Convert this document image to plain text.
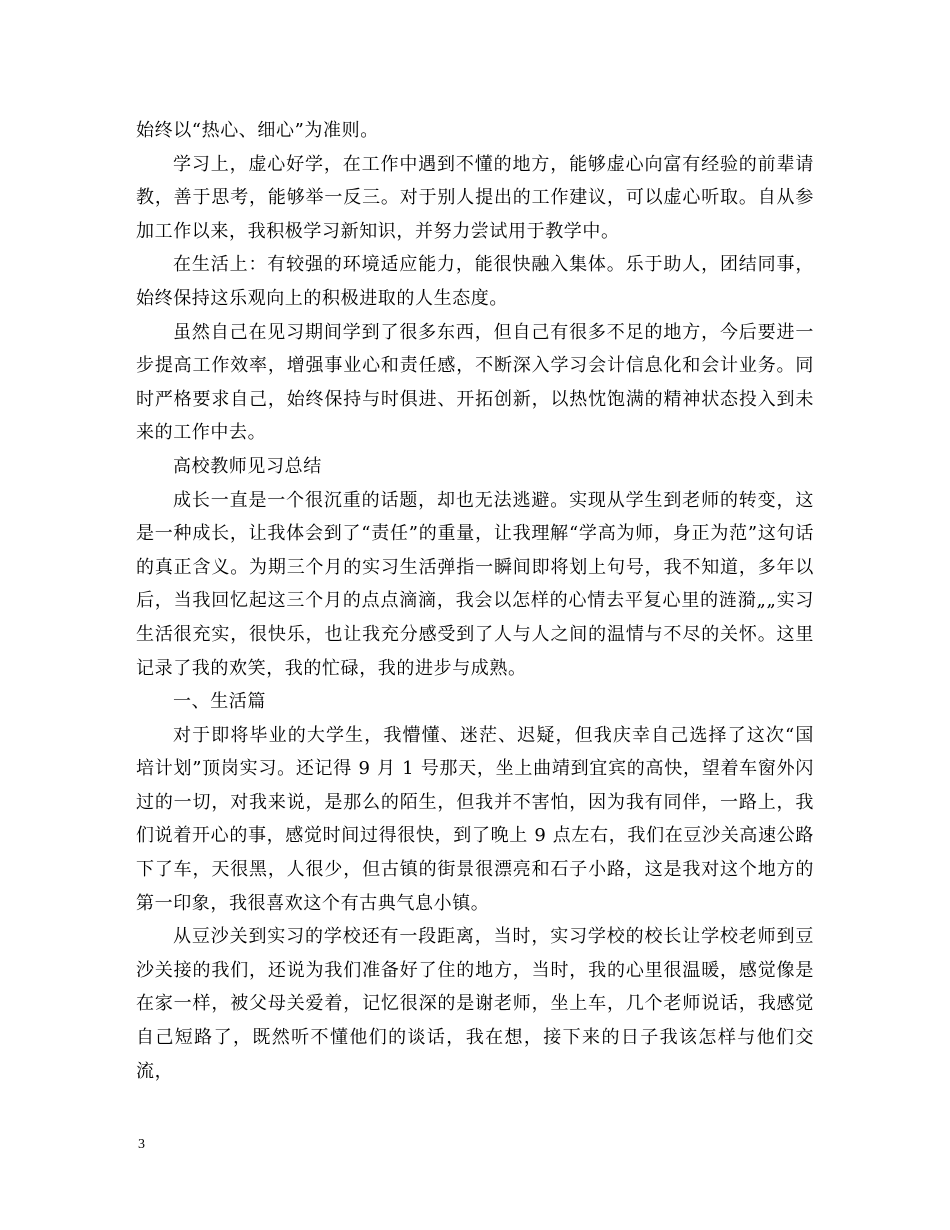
始终以“热心、细心”为准则。

学习上，虚心好学，在工作中遇到不懂的地方，能够虚心向富有经验的前辈请教，善于思考，能够举一反三。对于别人提出的工作建议，可以虚心听取。自从参加工作以来，我积极学习新知识，并努力尝试用于教学中。

在生活上：有较强的环境适应能力，能很快融入集体。乐于助人，团结同事，始终保持这乐观向上的积极进取的人生态度。

虽然自己在见习期间学到了很多东西，但自己有很多不足的地方，今后要进一步提高工作效率，增强事业心和责任感，不断深入学习会计信息化和会计业务。同时严格要求自己，始终保持与时俱进、开拓创新，以热忱饱满的精神状态投入到未来的工作中去。

高校教师见习总结

成长一直是一个很沉重的话题，却也无法逃避。实现从学生到老师的转变，这是一种成长，让我体会到了“责任”的重量，让我理解“学高为师，身正为范”这句话的真正含义。为期三个月的实习生活弹指一瞬间即将划上句号，我不知道，多年以后，当我回忆起这三个月的点点滴滴，我会以怎样的心情去平复心里的涟漪„„实习生活很充实，很快乐，也让我充分感受到了人与人之间的温情与不尽的关怀。这里记录了我的欢笑，我的忙碌，我的进步与成熟。

一、生活篇

对于即将毕业的大学生，我懵懂、迷茫、迟疑，但我庆幸自己选择了这次“国培计划”顶岗实习。还记得 9 月 1 号那天，坐上曲靖到宜宾的高快，望着车窗外闪过的一切，对我来说，是那么的陌生，但我并不害怕，因为我有同伴，一路上，我们说着开心的事，感觉时间过得很快，到了晚上 9 点左右，我们在豆沙关高速公路下了车，天很黑，人很少，但古镇的街景很漂亮和石子小路，这是我对这个地方的第一印象，我很喜欢这个有古典气息小镇。

从豆沙关到实习的学校还有一段距离，当时，实习学校的校长让学校老师到豆沙关接的我们，还说为我们准备好了住的地方，当时，我的心里很温暖，感觉像是在家一样，被父母关爱着，记忆很深的是谢老师，坐上车，几个老师说话，我感觉自己短路了，既然听不懂他们的谈话，我在想，接下来的日子我该怎样与他们交流，

3
